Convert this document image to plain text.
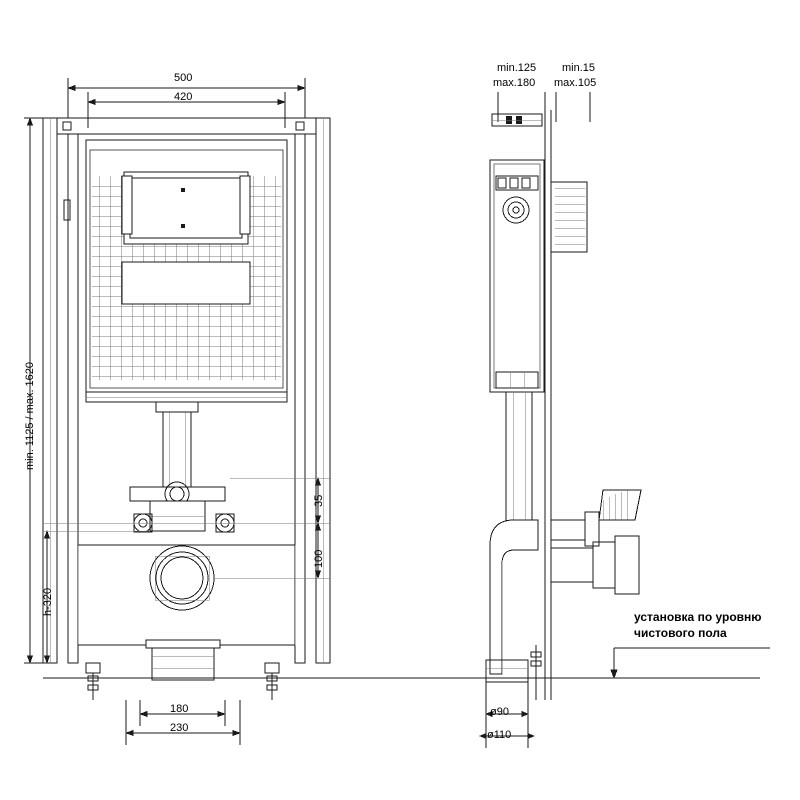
500
420
min. 1125 / max. 1620
h-320
35
100
180
230
min.125 min.15
max.180 max.105
ø90
ø110
установка по уровню
чистового пола
